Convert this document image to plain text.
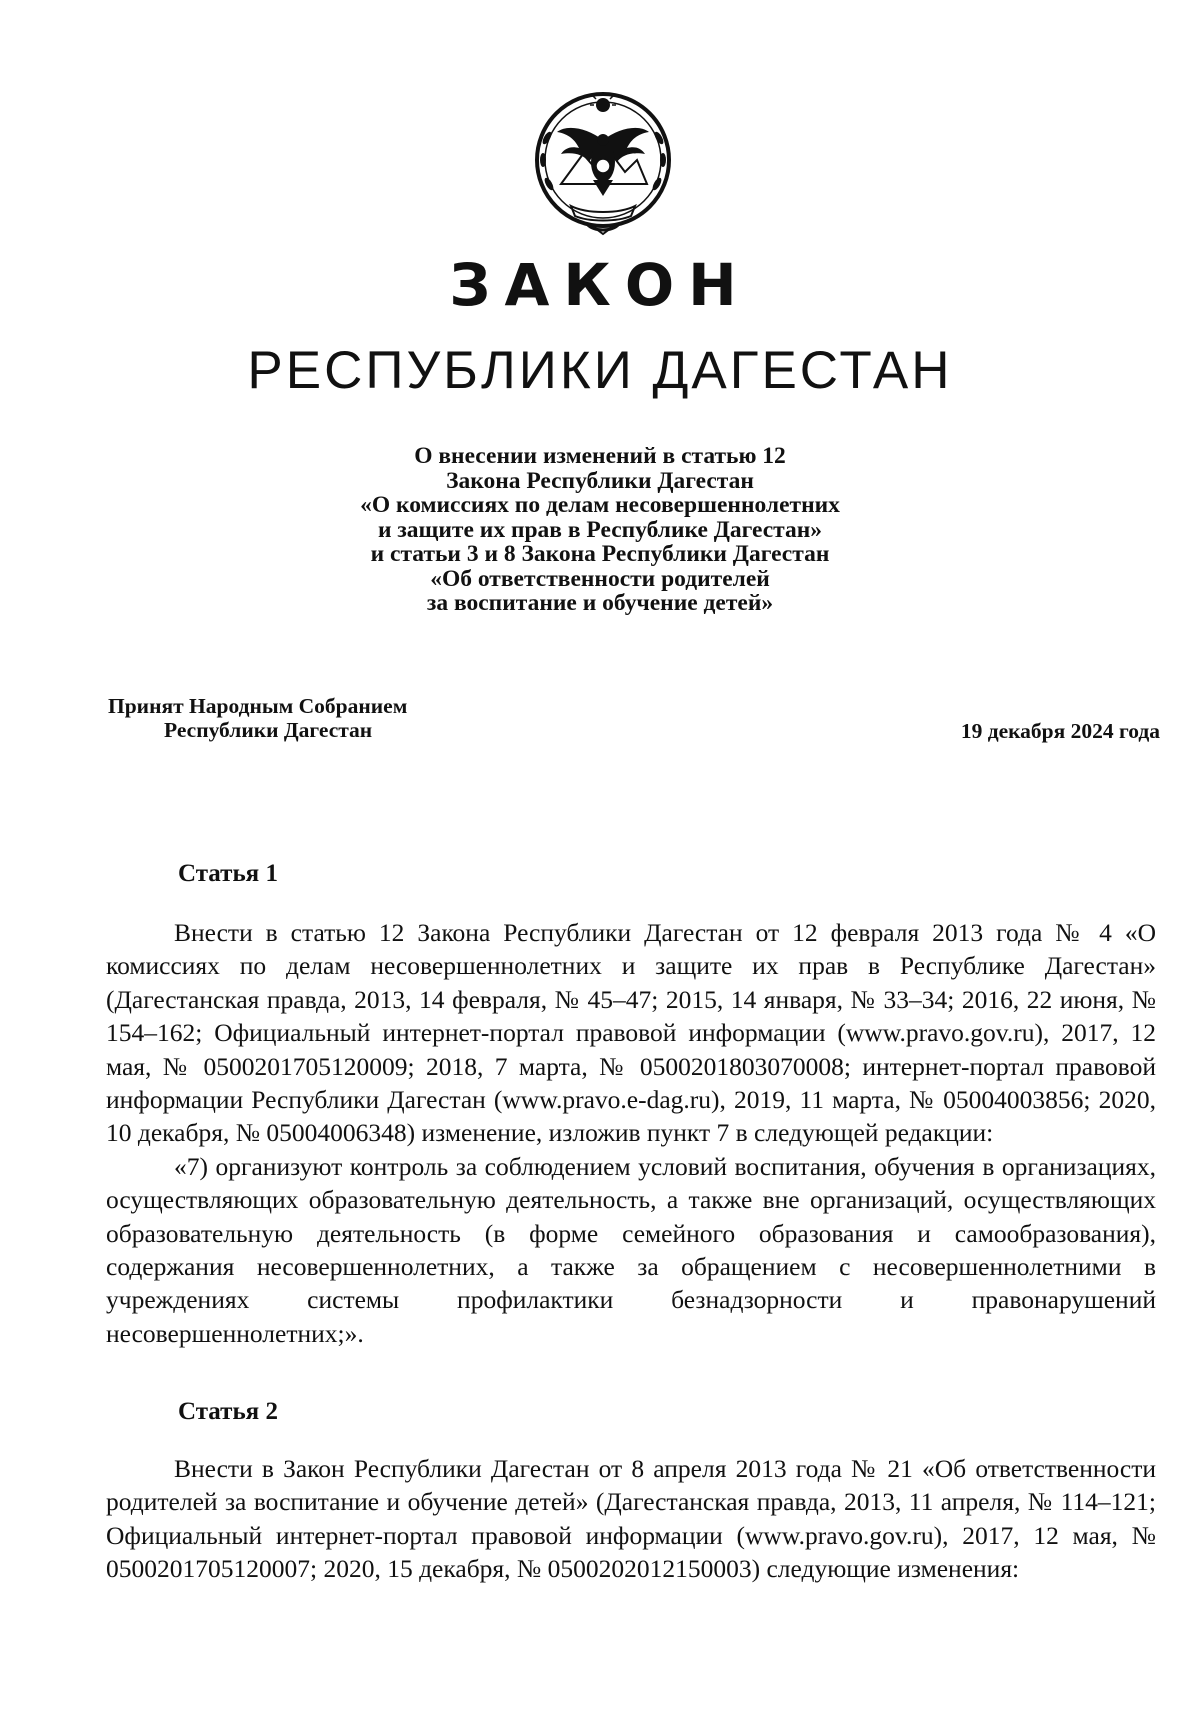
ЗАКОН
РЕСПУБЛИКИ ДАГЕСТАН
О внесении изменений в статью 12
Закона Республики Дагестан
«О комиссиях по делам несовершеннолетних
и защите их прав в Республике Дагестан»
и статьи 3 и 8 Закона Республики Дагестан
«Об ответственности родителей
за воспитание и обучение детей»
Принят Народным Собранием
Республики Дагестан	19 декабря 2024 года
Статья 1

Внести в статью 12 Закона Республики Дагестан от 12 февраля 2013 года № 4 «О комиссиях по делам несовершеннолетних и защите их прав в Республике Дагестан» (Дагестанская правда, 2013, 14 февраля, № 45–47; 2015, 14 января, № 33–34; 2016, 22 июня, № 154–162; Официальный интернет-портал правовой информации (www.pravo.gov.ru), 2017, 12 мая, № 0500201705120009; 2018, 7 марта, № 0500201803070008; интернет-портал правовой информации Республики Дагестан (www.pravo.e-dag.ru), 2019, 11 марта, № 05004003856; 2020, 10 декабря, № 05004006348) изменение, изложив пункт 7 в следующей редакции:

«7) организуют контроль за соблюдением условий воспитания, обучения в организациях, осуществляющих образовательную деятельность, а также вне организаций, осуществляющих образовательную деятельность (в форме семейного образования и самообразования), содержания несовершеннолетних, а также за обращением с несовершеннолетними в учреждениях системы профилактики безнадзорности и правонарушений несовершеннолетних;».

Статья 2

Внести в Закон Республики Дагестан от 8 апреля 2013 года № 21 «Об ответственности родителей за воспитание и обучение детей» (Дагестанская правда, 2013, 11 апреля, № 114–121; Официальный интернет-портал правовой информации (www.pravo.gov.ru), 2017, 12 мая, № 0500201705120007; 2020, 15 декабря, № 0500202012150003) следующие изменения:
